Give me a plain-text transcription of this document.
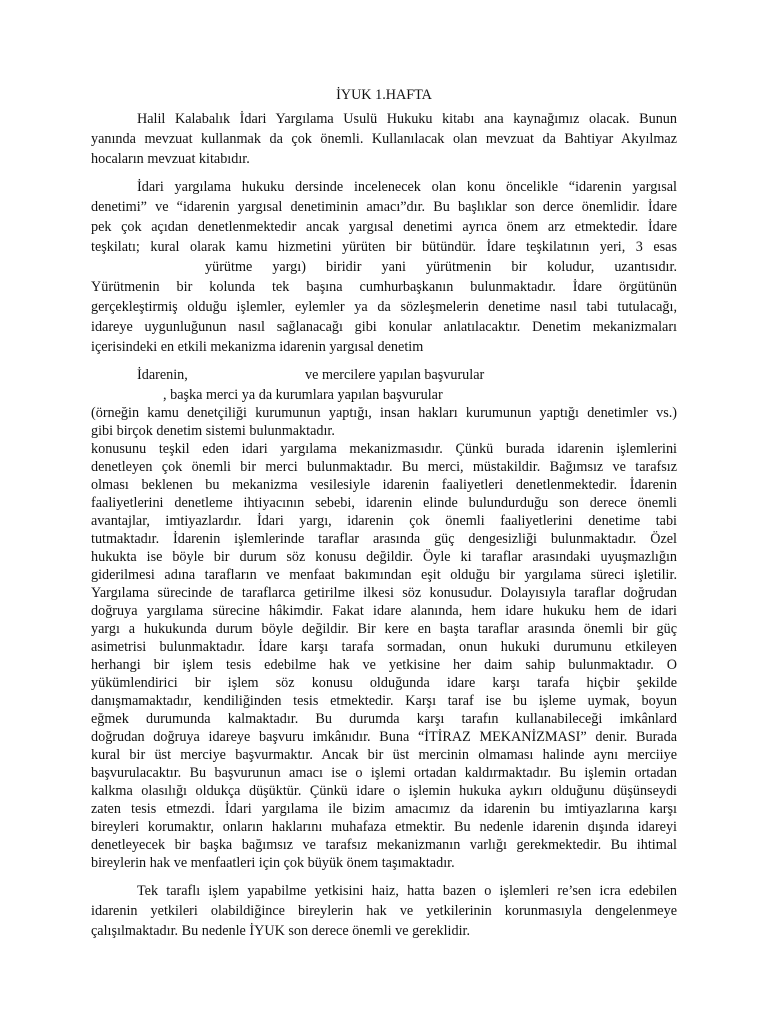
İYUK 1.HAFTA
Halil Kalabalık İdari Yargılama Usulü Hukuku kitabı ana kaynağımız olacak. Bunun
yanında mevzuat kullanmak da çok önemli. Kullanılacak olan mevzuat da Bahtiyar Akyılmaz
hocaların mevzuat kitabıdır.
İdari yargılama hukuku dersinde incelenecek olan konu öncelikle “idarenin yargısal
denetimi” ve “idarenin yargısal denetiminin amacı”dır. Bu başlıklar son derce önemlidir. İdare
pek çok açıdan denetlenmektedir ancak yargısal denetimi ayrıca önem arz etmektedir. İdare
teşkilatı; kural olarak kamu hizmetini yürüten bir bütündür. İdare teşkilatının yeri, 3 esas
yürütme yargı) biridir yani yürütmenin bir koludur, uzantısıdır.
Yürütmenin bir kolunda tek başına cumhurbaşkanın bulunmaktadır. İdare örgütünün
gerçekleştirmiş olduğu işlemler, eylemler ya da sözleşmelerin denetime nasıl tabi tutulacağı,
idareye uygunluğunun nasıl sağlanacağı gibi konular anlatılacaktır. Denetim mekanizmaları
içerisindeki en etkili mekanizma idarenin yargısal denetim
İdarenin,	ve mercilere yapılan başvurular
, başka merci ya da kurumlara yapılan başvurular
(örneğin kamu denetçiliği kurumunun yaptığı, insan hakları kurumunun yaptığı denetimler vs.)
gibi birçok denetim sistemi bulunmaktadır.
konusunu teşkil eden idari yargılama mekanizmasıdır. Çünkü burada idarenin işlemlerini
denetleyen çok önemli bir merci bulunmaktadır. Bu merci, müstakildir. Bağımsız ve tarafsız
olması beklenen bu mekanizma vesilesiyle idarenin faaliyetleri denetlenmektedir. İdarenin
faaliyetlerini denetleme ihtiyacının sebebi, idarenin elinde bulundurduğu son derece önemli
avantajlar, imtiyazlardır. İdari yargı, idarenin çok önemli faaliyetlerini denetime tabi
tutmaktadır. İdarenin işlemlerinde taraflar arasında güç dengesizliği bulunmaktadır. Özel
hukukta ise böyle bir durum söz konusu değildir. Öyle ki taraflar arasındaki uyuşmazlığın
giderilmesi adına tarafların ve menfaat bakımından eşit olduğu bir yargılama süreci işletilir.
Yargılama sürecinde de taraflarca getirilme ilkesi söz konusudur. Dolayısıyla taraflar doğrudan
doğruya yargılama sürecine hâkimdir. Fakat idare alanında, hem idare hukuku hem de idari
yargı a hukukunda durum böyle değildir. Bir kere en başta taraflar arasında önemli bir güç
asimetrisi bulunmaktadır. İdare karşı tarafa sormadan, onun hukuki durumunu etkileyen
herhangi bir işlem tesis edebilme hak ve yetkisine her daim sahip bulunmaktadır. O
yükümlendirici bir işlem söz konusu olduğunda idare karşı tarafa hiçbir şekilde
danışmamaktadır, kendiliğinden tesis etmektedir. Karşı taraf ise bu işleme uymak, boyun
eğmek durumunda kalmaktadır. Bu durumda karşı tarafın kullanabileceği imkânlard
doğrudan doğruya idareye başvuru imkânıdır. Buna “İTİRAZ MEKANİZMASI” denir. Burada
kural bir üst merciye başvurmaktır. Ancak bir üst mercinin olmaması halinde aynı merciiye
başvurulacaktır. Bu başvurunun amacı ise o işlemi ortadan kaldırmaktadır. Bu işlemin ortadan
kalkma olasılığı oldukça düşüktür. Çünkü idare o işlemin hukuka aykırı olduğunu düşünseydi
zaten tesis etmezdi. İdari yargılama ile bizim amacımız da idarenin bu imtiyazlarına karşı
bireyleri korumaktır, onların haklarını muhafaza etmektir. Bu nedenle idarenin dışında idareyi
denetleyecek bir başka bağımsız ve tarafsız mekanizmanın varlığı gerekmektedir. Bu ihtimal
bireylerin hak ve menfaatleri için çok büyük önem taşımaktadır.
Tek taraflı işlem yapabilme yetkisini haiz, hatta bazen o işlemleri re’sen icra edebilen
idarenin yetkileri olabildiğince bireylerin hak ve yetkilerinin korunmasıyla dengelenmeye
çalışılmaktadır. Bu nedenle İYUK son derece önemli ve gereklidir.
